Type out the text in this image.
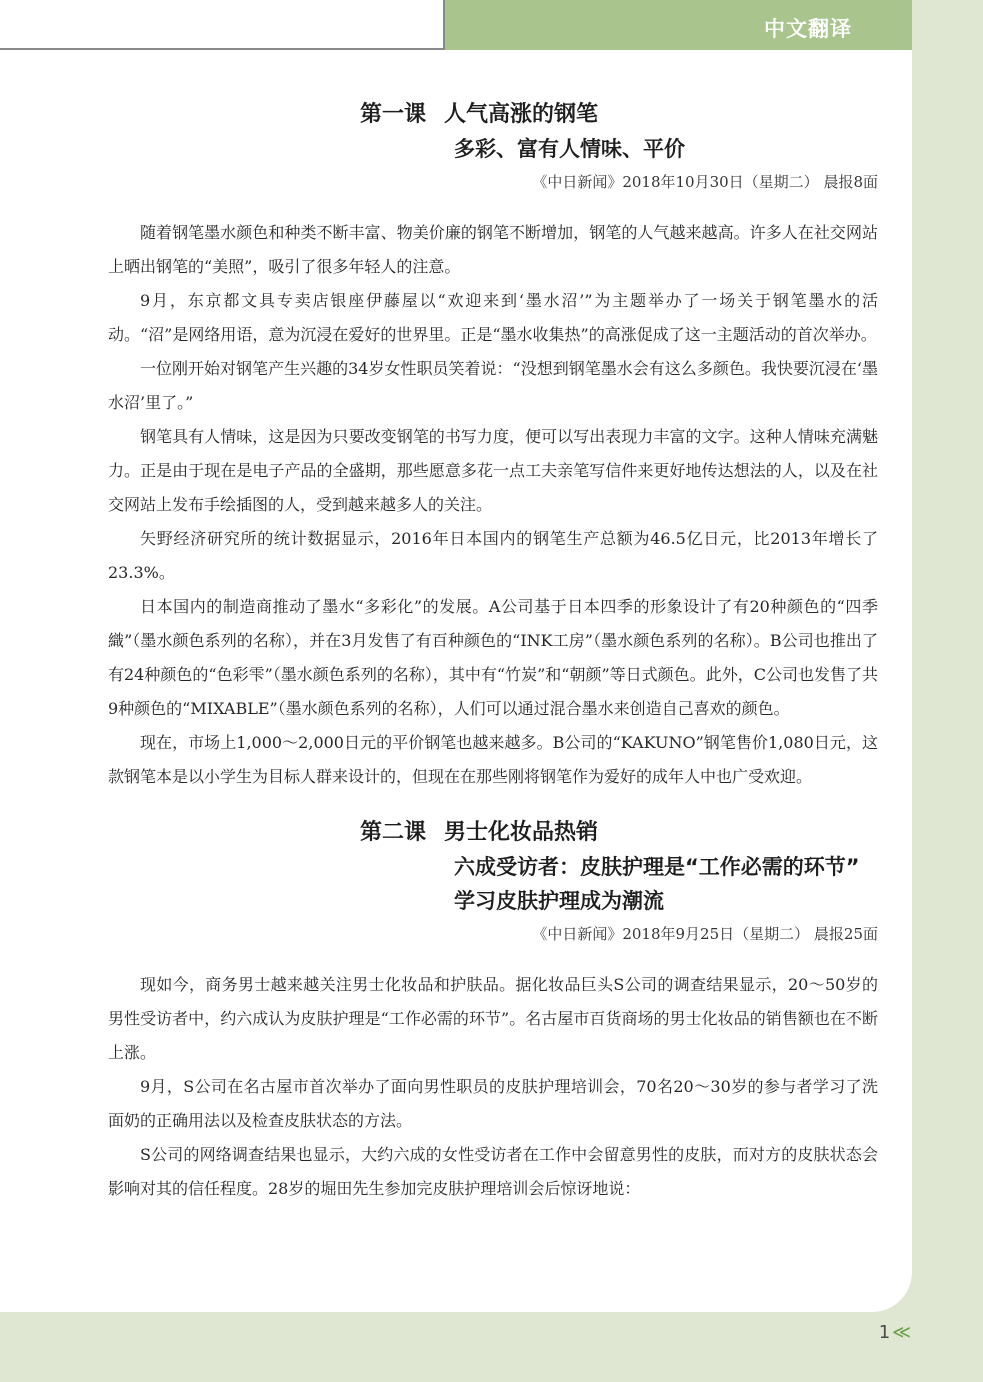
中文翻译
第一课 人气高涨的钢笔
多彩、富有人情味、平价
《中日新闻》2018年10月30日（星期二） 晨报8面

随着钢笔墨水颜色和种类不断丰富、物美价廉的钢笔不断增加，钢笔的人气越来越高。许多人在社交网站上晒出钢笔的“美照”，吸引了很多年轻人的注意。

9月，东京都文具专卖店银座伊藤屋以“欢迎来到‘墨水沼’”为主题举办了一场关于钢笔墨水的活动。“沼”是网络用语，意为沉浸在爱好的世界里。正是“墨水收集热”的高涨促成了这一主题活动的首次举办。

一位刚开始对钢笔产生兴趣的34岁女性职员笑着说：“没想到钢笔墨水会有这么多颜色。我快要沉浸在‘墨水沼’里了。”

钢笔具有人情味，这是因为只要改变钢笔的书写力度，便可以写出表现力丰富的文字。这种人情味充满魅力。正是由于现在是电子产品的全盛期，那些愿意多花一点工夫亲笔写信件来更好地传达想法的人，以及在社交网站上发布手绘插图的人，受到越来越多人的关注。

矢野经济研究所的统计数据显示，2016年日本国内的钢笔生产总额为46.5亿日元，比2013年增长了23.3%。

日本国内的制造商推动了墨水“多彩化”的发展。A公司基于日本四季的形象设计了有20种颜色的“四季織”（墨水颜色系列的名称），并在3月发售了有百种颜色的“INK工房”（墨水颜色系列的名称）。B公司也推出了有24种颜色的“色彩雫”（墨水颜色系列的名称），其中有“竹炭”和“朝颜”等日式颜色。此外，C公司也发售了共9种颜色的“MIXABLE”（墨水颜色系列的名称），人们可以通过混合墨水来创造自己喜欢的颜色。

现在，市场上1,000～2,000日元的平价钢笔也越来越多。B公司的“KAKUNO”钢笔售价1,080日元，这款钢笔本是以小学生为目标人群来设计的，但现在在那些刚将钢笔作为爱好的成年人中也广受欢迎。

第二课 男士化妆品热销
六成受访者：皮肤护理是“工作必需的环节”
学习皮肤护理成为潮流
《中日新闻》2018年9月25日（星期二） 晨报25面

现如今，商务男士越来越关注男士化妆品和护肤品。据化妆品巨头S公司的调查结果显示，20～50岁的男性受访者中，约六成认为皮肤护理是“工作必需的环节”。名古屋市百货商场的男士化妆品的销售额也在不断上涨。

9月，S公司在名古屋市首次举办了面向男性职员的皮肤护理培训会，70名20～30岁的参与者学习了洗面奶的正确用法以及检查皮肤状态的方法。

S公司的网络调查结果也显示，大约六成的女性受访者在工作中会留意男性的皮肤，而对方的皮肤状态会影响对其的信任程度。28岁的堀田先生参加完皮肤护理培训会后惊讶地说：

1 ≪
